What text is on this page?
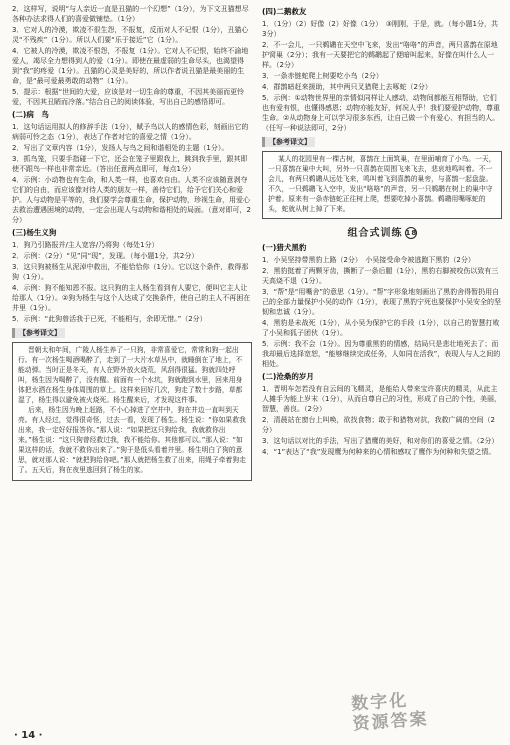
2．这样写，说明“与人亲近一直是丑猫的一个幻想”（1分），为下文丑猫想尽各种办法求得人们的喜爱做铺垫。（1分）

3．它对人的冷漠，欺凌不很生怨，不报复，反而对人不记恨（1分），丑猫心灵“不残疾”（1分）。所以人们要“乐于接近”它（1分）。

4．它被人的冷漠，欺凌不恨怨，不报复（1分）。它对人不记恨，始终不渝地爱人，竭尽全力想得到人的爱（1分）。即使在最虚弱的生命尽头，也渴望得到“我”的疼爱（1分）。丑猫的心灵是美好的，所以作者说丑猫是最美丽的生命，是“最可爱最勇敢的动物”（1分）。

5．提示：根据“世间的大爱，应该是对一切生命的尊重，不因其美丽而更怜爱，不因其丑陋而冷落。”结合自己的阅读体验，写出自己的感悟即可。

(二)病　鸟

1．这句话运用拟人的修辞手法（1分），赋予鸟以人的感情色彩，刻画出它的病弱可怜之态（1分），表达了作者对它的喜爱之情（1分）。

2．写出了文章内容（1分），发扬人与鸟之间和谐相处的主题（1分）。

3．抓鸟笼，只要手指碰一下它，还会在笼子里跟我上，跳到我手里，跟其即使不跟鸟一样也非常亲近。（答出任意两点即可，每点1分）

4．示例：小动物也有生命，和人类一样，也喜欢自由。人类不应该随意剥夺它们的自由，而应该像对待人类的朋友一样，善待它们，给予它们关心和爱护。人与动物是平等的，我们要学会尊重生命，保护动物，珍视生命，用爱心去救治遭遇困境的动物，一定会出现人与动物和谐相处的局面。（意对即可，2分）

(三)杨生义狗

1．狗乃引路报并/主人宽容/乃将狗（每处1分）

2．示例：（2分）“见”同“现”，发现。（每小题1分，共2分）

3．这只狗被杨生从泥淖中救出，不能恰恰你（1分）。它以这个条件，救得那狗（1分）。

4．示例：狗不能知恩不报。这只狗的主人杨生看到有人要它，便叫它主人让给那人（1分）。②狗为杨生与这个人达成了交换条件，使自己的主人不再困在井里（1分）。

5．示例：“此狗曾活我于已死，不能相与，余即无惜。”（2分）

【参考译文】

晋朝太和年间，广陵人杨生养了一只狗，非常喜爱它，常常和狗一起出行。有一次杨生喝酒喝醉了，走到了一大片水草丛中，就睡倒在了地上，不能动弹。当时正是冬天，有人在野外放火烧荒，风刮得很猛。狗就四处呼叫，杨生因为喝醉了，没有醒。前面有一个水坑，狗就跑到水里，回来用身体把水洒在杨生身体周围的草上。这样来回好几次，狗走了数十步路，草都湿了，杨生得以避免被火烧死。杨生醒来后，才发现这件事。

后来，杨生因为晚上赶路，不小心掉进了空井中，狗在井边一直叫到天亮。有人经过，觉得很奇怪，过去一看，发现了杨生。杨生说：“你如果救我出来，我一定好好报答你。”那人说：“如果把这只狗给我，我就救你出来。”杨生说：“这只狗曾经救过我，我不能给你。其他都可以。”那人说：“如果这样的话，我就不救你出来了。”狗于是低头看着井里。杨生明白了狗的意思，就对那人说：“就把狗给你吧。”那人就把杨生救了出来，用绳子牵着狗走了。五天后，狗在夜里逃回到了杨生的家。

(四)二鹅救友

1．（1分）（2）好像（2）好像（1分）　③刚刚，于是，就。（每小题1分，共3分）

2．不一会儿，一只鹈鹕在天空中飞来，发出“咯咯”的声音，两只喜鹊在原地护窝巢（2分）；我有一天要把它的鹈鹕起了便暗叫起来，好像在叫什么人一样。（2分）

3．一条赤链蛇爬上树要吃小鸟（2分）

4．群鹊暗赶来援助，其中两只叉猎爬上去啄蛇（2分）

5．示例：①动物世界里的亲情似同样让人感动，动物间都能互相帮助，它们也有爱有恨，也懂得感恩；动物亦能友好，何况人乎！我们要爱护动物，尊重生命。②从动物身上可以学习很多东西，让自己做一个有爱心、有担当的人。（任写一种说法即可，2分）

【参考译文】

某人的花园里有一棵古树，喜鹊在上面筑巢，在里面哺育了小鸟。一天，一只喜鹊在巢中大叫，另外一只喜鹊在周围飞来飞去，悲哀地鸣叫着。不一会儿，有两只鹈鹕从远处飞来，鸣叫着飞到喜鹊的巢旁，与喜鹊一起盘旋。不久，一只鹈鹕飞入空中，发出“咯咯”的声音，另一只鹈鹕在树上的巢中守护着。原来有一条赤链蛇正往树上爬，想要吃掉小喜鹊。鹈鹕用嘴啄蛇的头，蛇就从树上掉了下来。

组合式训练 18
(一)猎犬黑豹

1．小吴坚持带黑豹上路（2分）　小吴接受命令被逃跑下黑豹（2分）

2．黑豹挺着了两颗牙齿，撕断了一条后腿（1分），黑豹右脚被咬伤以致有三天高烧不退（1分）。

3．“帮”是“用嘴舍”的意思（1分）。“帮”字形象地刻画出了黑豹舍得暂扔用自己的全部力量保护小吴的动作（1分），表现了黑豹宁死也要保护小吴安全的坚韧和忠诚（1分）。

4．黑豹是未战死（1分），从小吴为保护它的手段（1分），以自己的智慧打败了小吴和狐子团伙（1分）。

5．示例：我不会（1分）。因为尊重黑豹的情感，结局只是悲壮地死去了；而我却最后选择宽恕，“能够继续完成任务，人如同在活我”，表现人与人之间的相处。

(二)沧桑的岁月

1．晋明车怎若没有自云间的飞精灵，是能给人带来宝许喜庆的精灵，从此主人摊手为能上岁末（1分），从而自尊自己的习性，形成了自己的个性，美丽，智慧，善良。（2分）

2．清晨站在窗台上叫唤，欲找食物；敢于和猎物对抗，我救广阔的空间（2分）

3．这句话以对比的手法，写出了猎鹰的美好，和对你们的喜爱之情。（2分）

4．“1”表达了“我”发现鹰为何种来的心情和感叹了鹰作为何种和失望之情。

· 14 ·
数字化
资源答案
